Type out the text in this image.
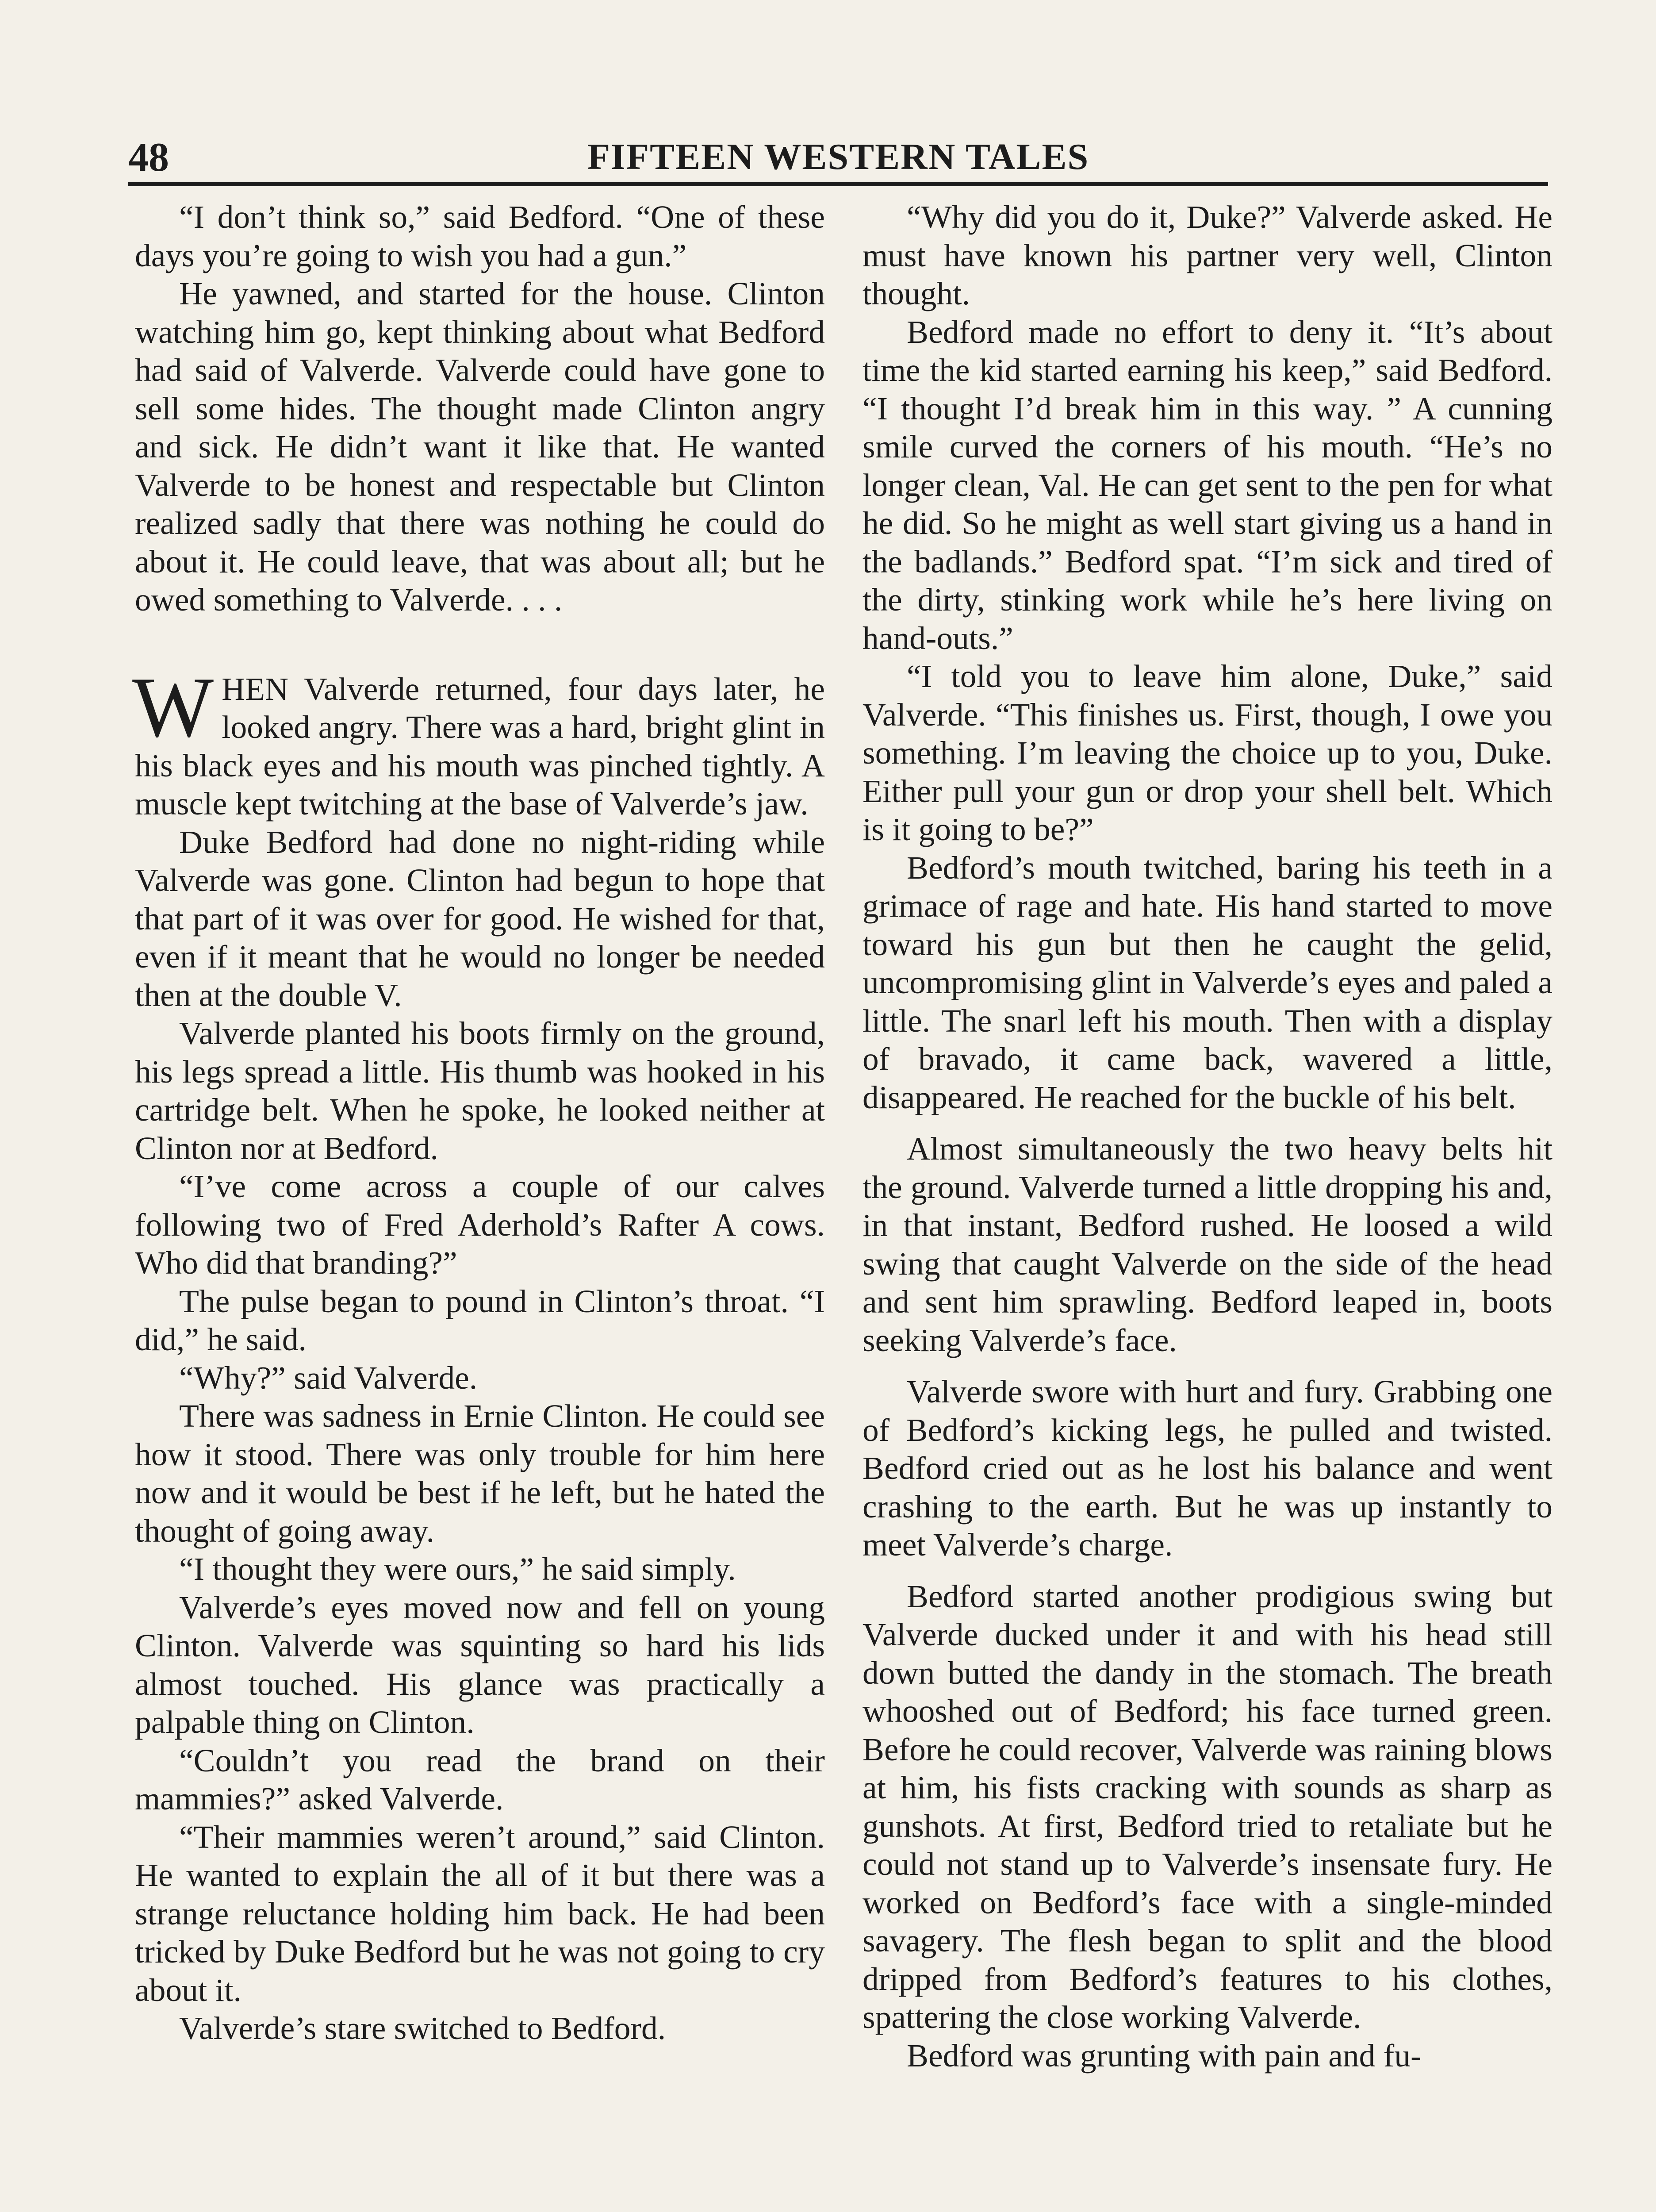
48	FIFTEEN WESTERN TALES

“I don’t think so,” said Bedford. “One of these days you’re going to wish you had a gun.”

He yawned, and started for the house. Clinton watching him go, kept thinking about what Bedford had said of Valverde. Valverde could have gone to sell some hides. The thought made Clinton angry and sick. He didn’t want it like that. He wanted Valverde to be honest and respectable but Clinton realized sadly that there was nothing he could do about it. He could leave, that was about all; but he owed something to Valverde. . . .

WHEN Valverde returned, four days later, he looked angry. There was a hard, bright glint in his black eyes and his mouth was pinched tightly. A muscle kept twitching at the base of Valverde’s jaw.

Duke Bedford had done no night-riding while Valverde was gone. Clinton had begun to hope that that part of it was over for good. He wished for that, even if it meant that he would no longer be needed then at the double V.

Valverde planted his boots firmly on the ground, his legs spread a little. His thumb was hooked in his cartridge belt. When he spoke, he looked neither at Clinton nor at Bedford.

“I’ve come across a couple of our calves following two of Fred Aderhold’s Rafter A cows. Who did that branding?”

The pulse began to pound in Clinton’s throat. “I did,” he said.

“Why?” said Valverde.

There was sadness in Ernie Clinton. He could see how it stood. There was only trouble for him here now and it would be best if he left, but he hated the thought of going away.

“I thought they were ours,” he said simply.

Valverde’s eyes moved now and fell on young Clinton. Valverde was squinting so hard his lids almost touched. His glance was practically a palpable thing on Clinton.

“Couldn’t you read the brand on their mammies?” asked Valverde.

“Their mammies weren’t around,” said Clinton. He wanted to explain the all of it but there was a strange reluctance holding him back. He had been tricked by Duke Bedford but he was not going to cry about it.

Valverde’s stare switched to Bedford.

“Why did you do it, Duke?” Valverde asked. He must have known his partner very well, Clinton thought.

Bedford made no effort to deny it. “It’s about time the kid started earning his keep,” said Bedford. “I thought I’d break him in this way. ” A cunning smile curved the corners of his mouth. “He’s no longer clean, Val. He can get sent to the pen for what he did. So he might as well start giving us a hand in the badlands.” Bedford spat. “I’m sick and tired of the dirty, stinking work while he’s here living on hand-outs.”

“I told you to leave him alone, Duke,” said Valverde. “This finishes us. First, though, I owe you something. I’m leaving the choice up to you, Duke. Either pull your gun or drop your shell belt. Which is it going to be?”

Bedford’s mouth twitched, baring his teeth in a grimace of rage and hate. His hand started to move toward his gun but then he caught the gelid, uncompromising glint in Valverde’s eyes and paled a little. The snarl left his mouth. Then with a display of bravado, it came back, wavered a little, disappeared. He reached for the buckle of his belt.

Almost simultaneously the two heavy belts hit the ground. Valverde turned a little dropping his and, in that instant, Bedford rushed. He loosed a wild swing that caught Valverde on the side of the head and sent him sprawling. Bedford leaped in, boots seeking Valverde’s face.

Valverde swore with hurt and fury. Grabbing one of Bedford’s kicking legs, he pulled and twisted. Bedford cried out as he lost his balance and went crashing to the earth. But he was up instantly to meet Valverde’s charge.

Bedford started another prodigious swing but Valverde ducked under it and with his head still down butted the dandy in the stomach. The breath whooshed out of Bedford; his face turned green. Before he could recover, Valverde was raining blows at him, his fists cracking with sounds as sharp as gunshots. At first, Bedford tried to retaliate but he could not stand up to Valverde’s insensate fury. He worked on Bedford’s face with a single-minded savagery. The flesh began to split and the blood dripped from Bedford’s features to his clothes, spattering the close working Valverde.

Bedford was grunting with pain and fu-
